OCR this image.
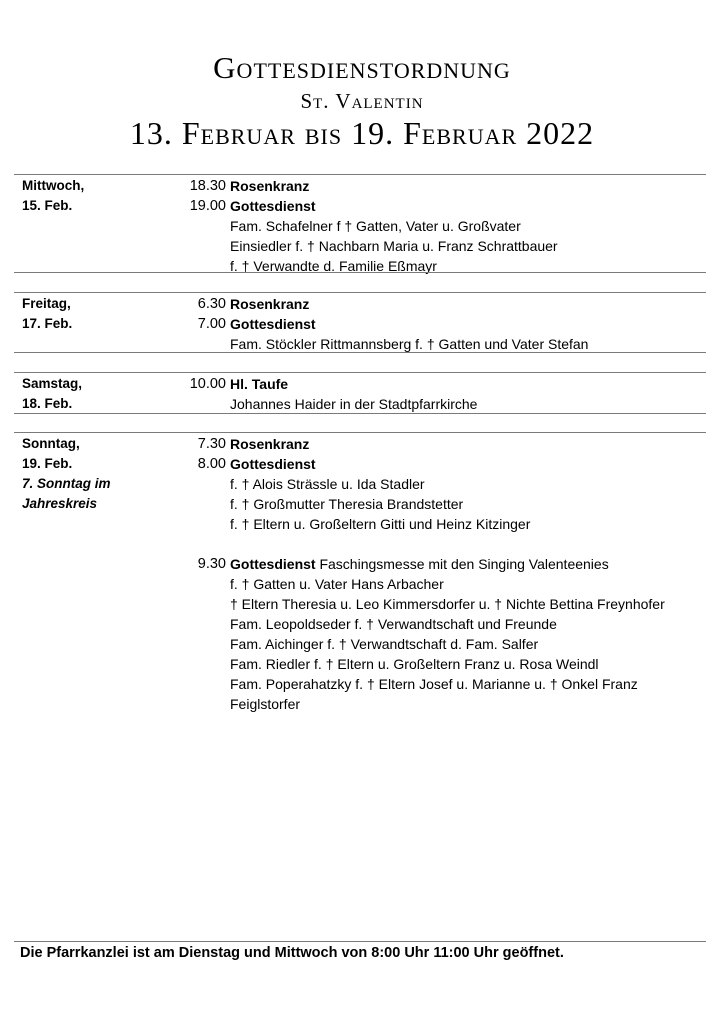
Gottesdienstordnung
St. Valentin
13. Februar bis 19. Februar 2022
Mittwoch,	18.30 Rosenkranz
15. Feb.	19.00 Gottesdienst
Fam. Schafelner f † Gatten, Vater u. Großvater
Einsiedler f. † Nachbarn Maria u. Franz Schrattbauer
f. † Verwandte d. Familie Eßmayr
Freitag,	6.30 Rosenkranz
17. Feb.	7.00 Gottesdienst
Fam. Stöckler Rittmannsberg f. † Gatten und Vater Stefan
Samstag,	10.00 Hl. Taufe
18. Feb.	Johannes Haider in der Stadtpfarrkirche
Sonntag,	7.30 Rosenkranz
19. Feb.	8.00 Gottesdienst
7. Sonntag im	f. † Alois Strässle u. Ida Stadler
Jahreskreis	f. † Großmutter Theresia Brandstetter
f. † Eltern u. Großeltern Gitti und Heinz Kitzinger
9.30 Gottesdienst Faschingsmesse mit den Singing Valenteenies
f. † Gatten u. Vater Hans Arbacher
† Eltern Theresia u. Leo Kimmersdorfer u. † Nichte Bettina Freynhofer
Fam. Leopoldseder f. † Verwandtschaft und Freunde
Fam. Aichinger f. † Verwandtschaft d. Fam. Salfer
Fam. Riedler f. † Eltern u. Großeltern Franz u. Rosa Weindl
Fam. Poperahatzky f. † Eltern Josef u. Marianne u. † Onkel Franz
Feiglstorfer
Die Pfarrkanzlei ist am Dienstag und Mittwoch von 8:00 Uhr 11:00 Uhr geöffnet.
